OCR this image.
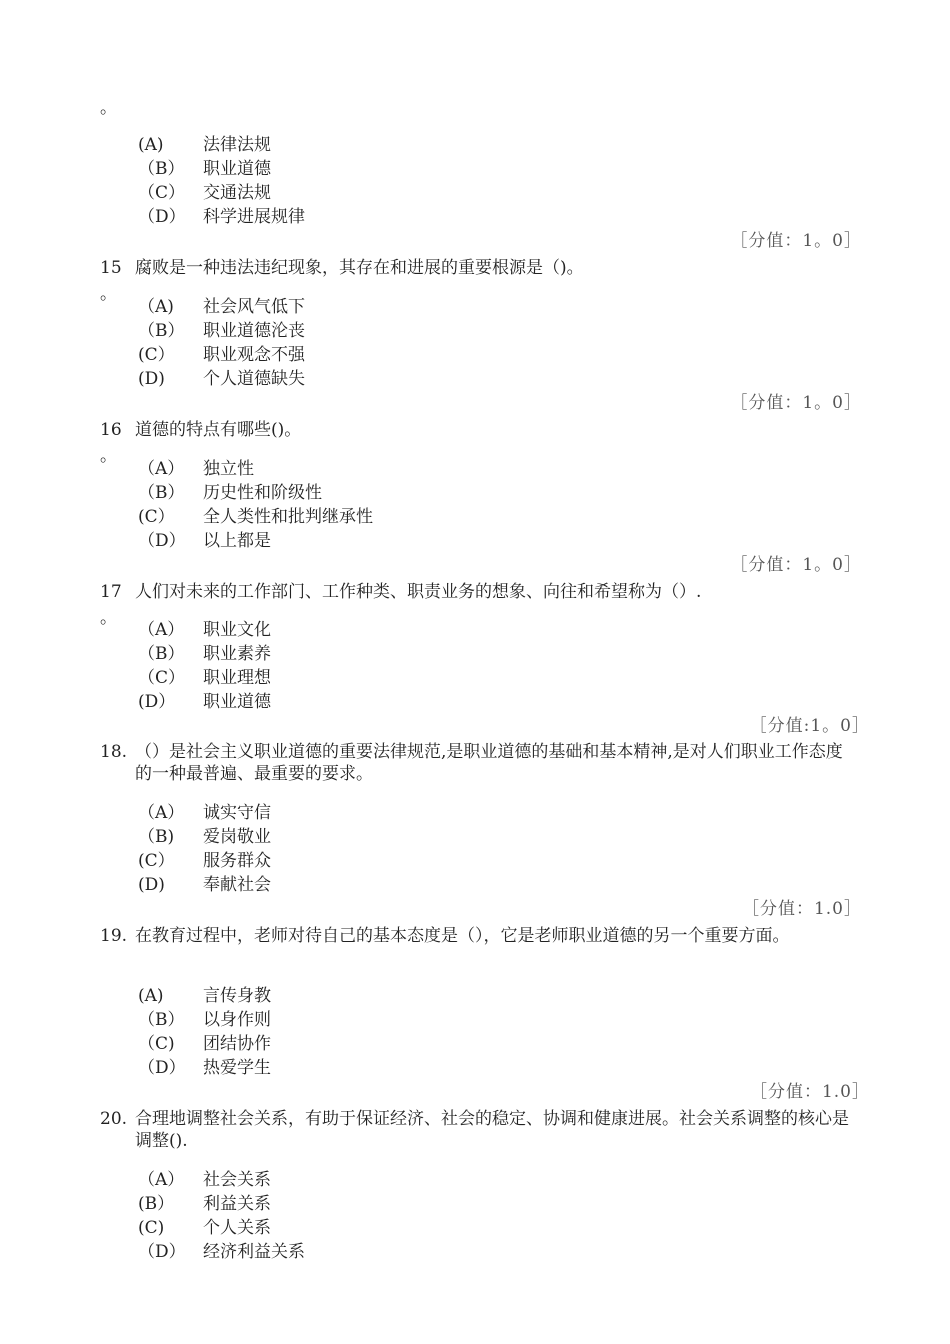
。
(A) 法律法规
（B） 职业道德
（C） 交通法规
（D） 科学进展规律
［分值：1。0］
15 腐败是一种违法违纪现象，其存在和进展的重要根源是（)。
。
（A) 社会风气低下
（B） 职业道德沦丧
(C） 职业观念不强
(D) 个人道德缺失
［分值：1。0］
16 道德的特点有哪些()。
。
（A） 独立性
（B） 历史性和阶级性
(C） 全人类性和批判继承性
（D） 以上都是
［分值：1。0］
17 人们对未来的工作部门、工作种类、职责业务的想象、向往和希望称为（）.
。
（A） 职业文化
（B） 职业素养
（C） 职业理想
(D） 职业道德
［分值:1。0］
18. （）是社会主义职业道德的重要法律规范,是职业道德的基础和基本精神,是对人们职业工作态度的一种最普遍、最重要的要求。
（A） 诚实守信
（B) 爱岗敬业
(C） 服务群众
(D) 奉献社会
［分值：1.0］
19. 在教育过程中，老师对待自己的基本态度是（），它是老师职业道德的另一个重要方面。
(A) 言传身教
（B） 以身作则
（C) 团结协作
（D） 热爱学生
［分值：1.0］
20. 合理地调整社会关系，有助于保证经济、社会的稳定、协调和健康进展。社会关系调整的核心是调整().
（A） 社会关系
(B） 利益关系
(C) 个人关系
（D） 经济利益关系
